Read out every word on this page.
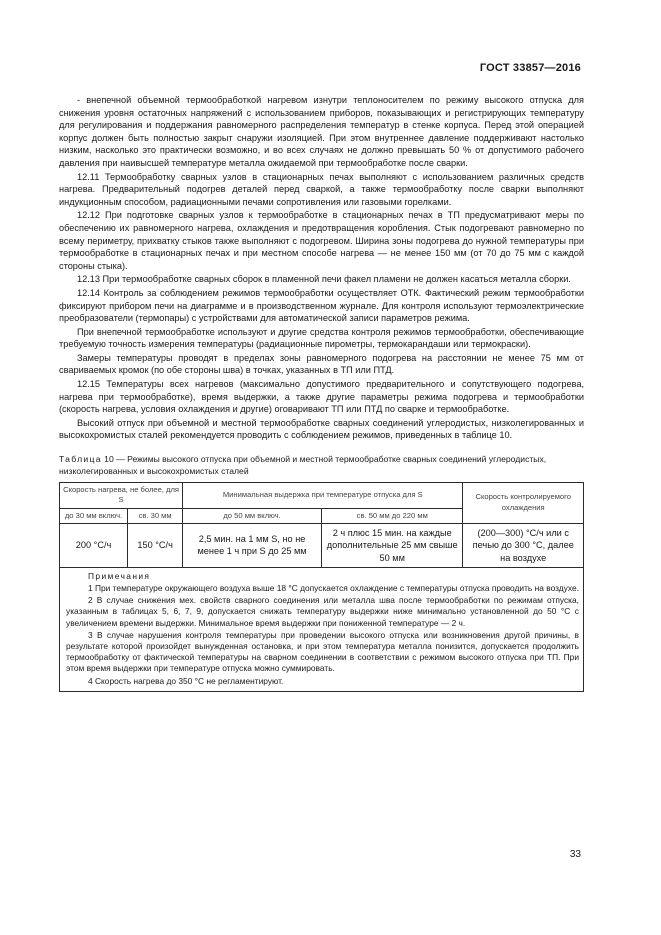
ГОСТ 33857—2016

- внепечной объемной термообработкой нагревом изнутри теплоносителем по режиму высокого отпуска для снижения уровня остаточных напряжений с использованием приборов, показывающих и регистрирующих температуру для регулирования и поддержания равномерного распределения температур в стенке корпуса. Перед этой операцией корпус должен быть полностью закрыт снаружи изоляцией. При этом внутреннее давление поддерживают настолько низким, насколько это практически возможно, и во всех случаях не должно превышать 50 % от допустимого рабочего давления при наивысшей температуре металла ожидаемой при термообработке после сварки.

12.11 Термообработку сварных узлов в стационарных печах выполняют с использованием различных средств нагрева. Предварительный подогрев деталей перед сваркой, а также термообработку после сварки выполняют индукционным способом, радиационными печами сопротивления или газовыми горелками.

12.12 При подготовке сварных узлов к термообработке в стационарных печах в ТП предусматривают меры по обеспечению их равномерного нагрева, охлаждения и предотвращения коробления. Стык подогревают равномерно по всему периметру, прихватку стыков также выполняют с подогревом. Ширина зоны подогрева до нужной температуры при термообработке в стационарных печах и при местном способе нагрева — не менее 150 мм (от 70 до 75 мм с каждой стороны стыка).

12.13 При термообработке сварных сборок в пламенной печи факел пламени не должен касаться металла сборки.

12.14 Контроль за соблюдением режимов термообработки осуществляет ОТК. Фактический режим термообработки фиксируют прибором печи на диаграмме и в производственном журнале. Для контроля используют термоэлектрические преобразователи (термопары) с устройствами для автоматической записи параметров режима.

При внепечной термообработке используют и другие средства контроля режимов термообработки, обеспечивающие требуемую точность измерения температуры (радиационные пирометры, термокарандаши или термокраски).

Замеры температуры проводят в пределах зоны равномерного подогрева на расстоянии не менее 75 мм от свариваемых кромок (по обе стороны шва) в точках, указанных в ТП или ПТД.

12.15 Температуры всех нагревов (максимально допустимого предварительного и сопутствующего подогрева, нагрева при термообработке), время выдержки, а также другие параметры режима подогрева и термообработки (скорость нагрева, условия охлаждения и другие) оговаривают ТП или ПТД по сварке и термообработке.

Высокий отпуск при объемной и местной термообработке сварных соединений углеродистых, низколегированных и высокохромистых сталей рекомендуется проводить с соблюдением режимов, приведенных в таблице 10.

Таблица 10 — Режимы высокого отпуска при объемной и местной термообработке сварных соединений углеродистых, низколегированных и высокохромистых сталей

Скорость нагрева, не более, для S		Минимальная выдержка при температуре отпуска для S		Скорость контролируемого охлаждения
до 30 мм включ.	св. 30 мм	до 50 мм включ.	св. 50 мм до 220 мм	
200 °С/ч	150 °С/ч	2,5 мин. на 1 мм S, но не менее 1 ч при S до 25 мм	2 ч плюс 15 мин. на каждые дополнительные 25 мм свыше 50 мм	(200—300) °С/ч или с печью до 300 °С, далее на воздухе

Примечания

1 При температуре окружающего воздуха выше 18 °С допускается охлаждение с температуры отпуска проводить на воздухе.

2 В случае снижения мех. свойств сварного соединения или металла шва после термообработки по режимам отпуска, указанным в таблицах 5, 6, 7, 9, допускается снижать температуру выдержки ниже минимально установленной до 50 °С с увеличением времени выдержки. Минимальное время выдержки при пониженной температуре — 2 ч.

3 В случае нарушения контроля температуры при проведении высокого отпуска или возникновения другой причины, в результате которой произойдет вынужденная остановка, и при этом температура металла понизится, допускается продолжить термообработку от фактической температуры на сварном соединении в соответствии с режимом высокого отпуска при ТП. При этом время выдержки при температуре отпуска можно суммировать.

4 Скорость нагрева до 350 °С не регламентируют.				

33
